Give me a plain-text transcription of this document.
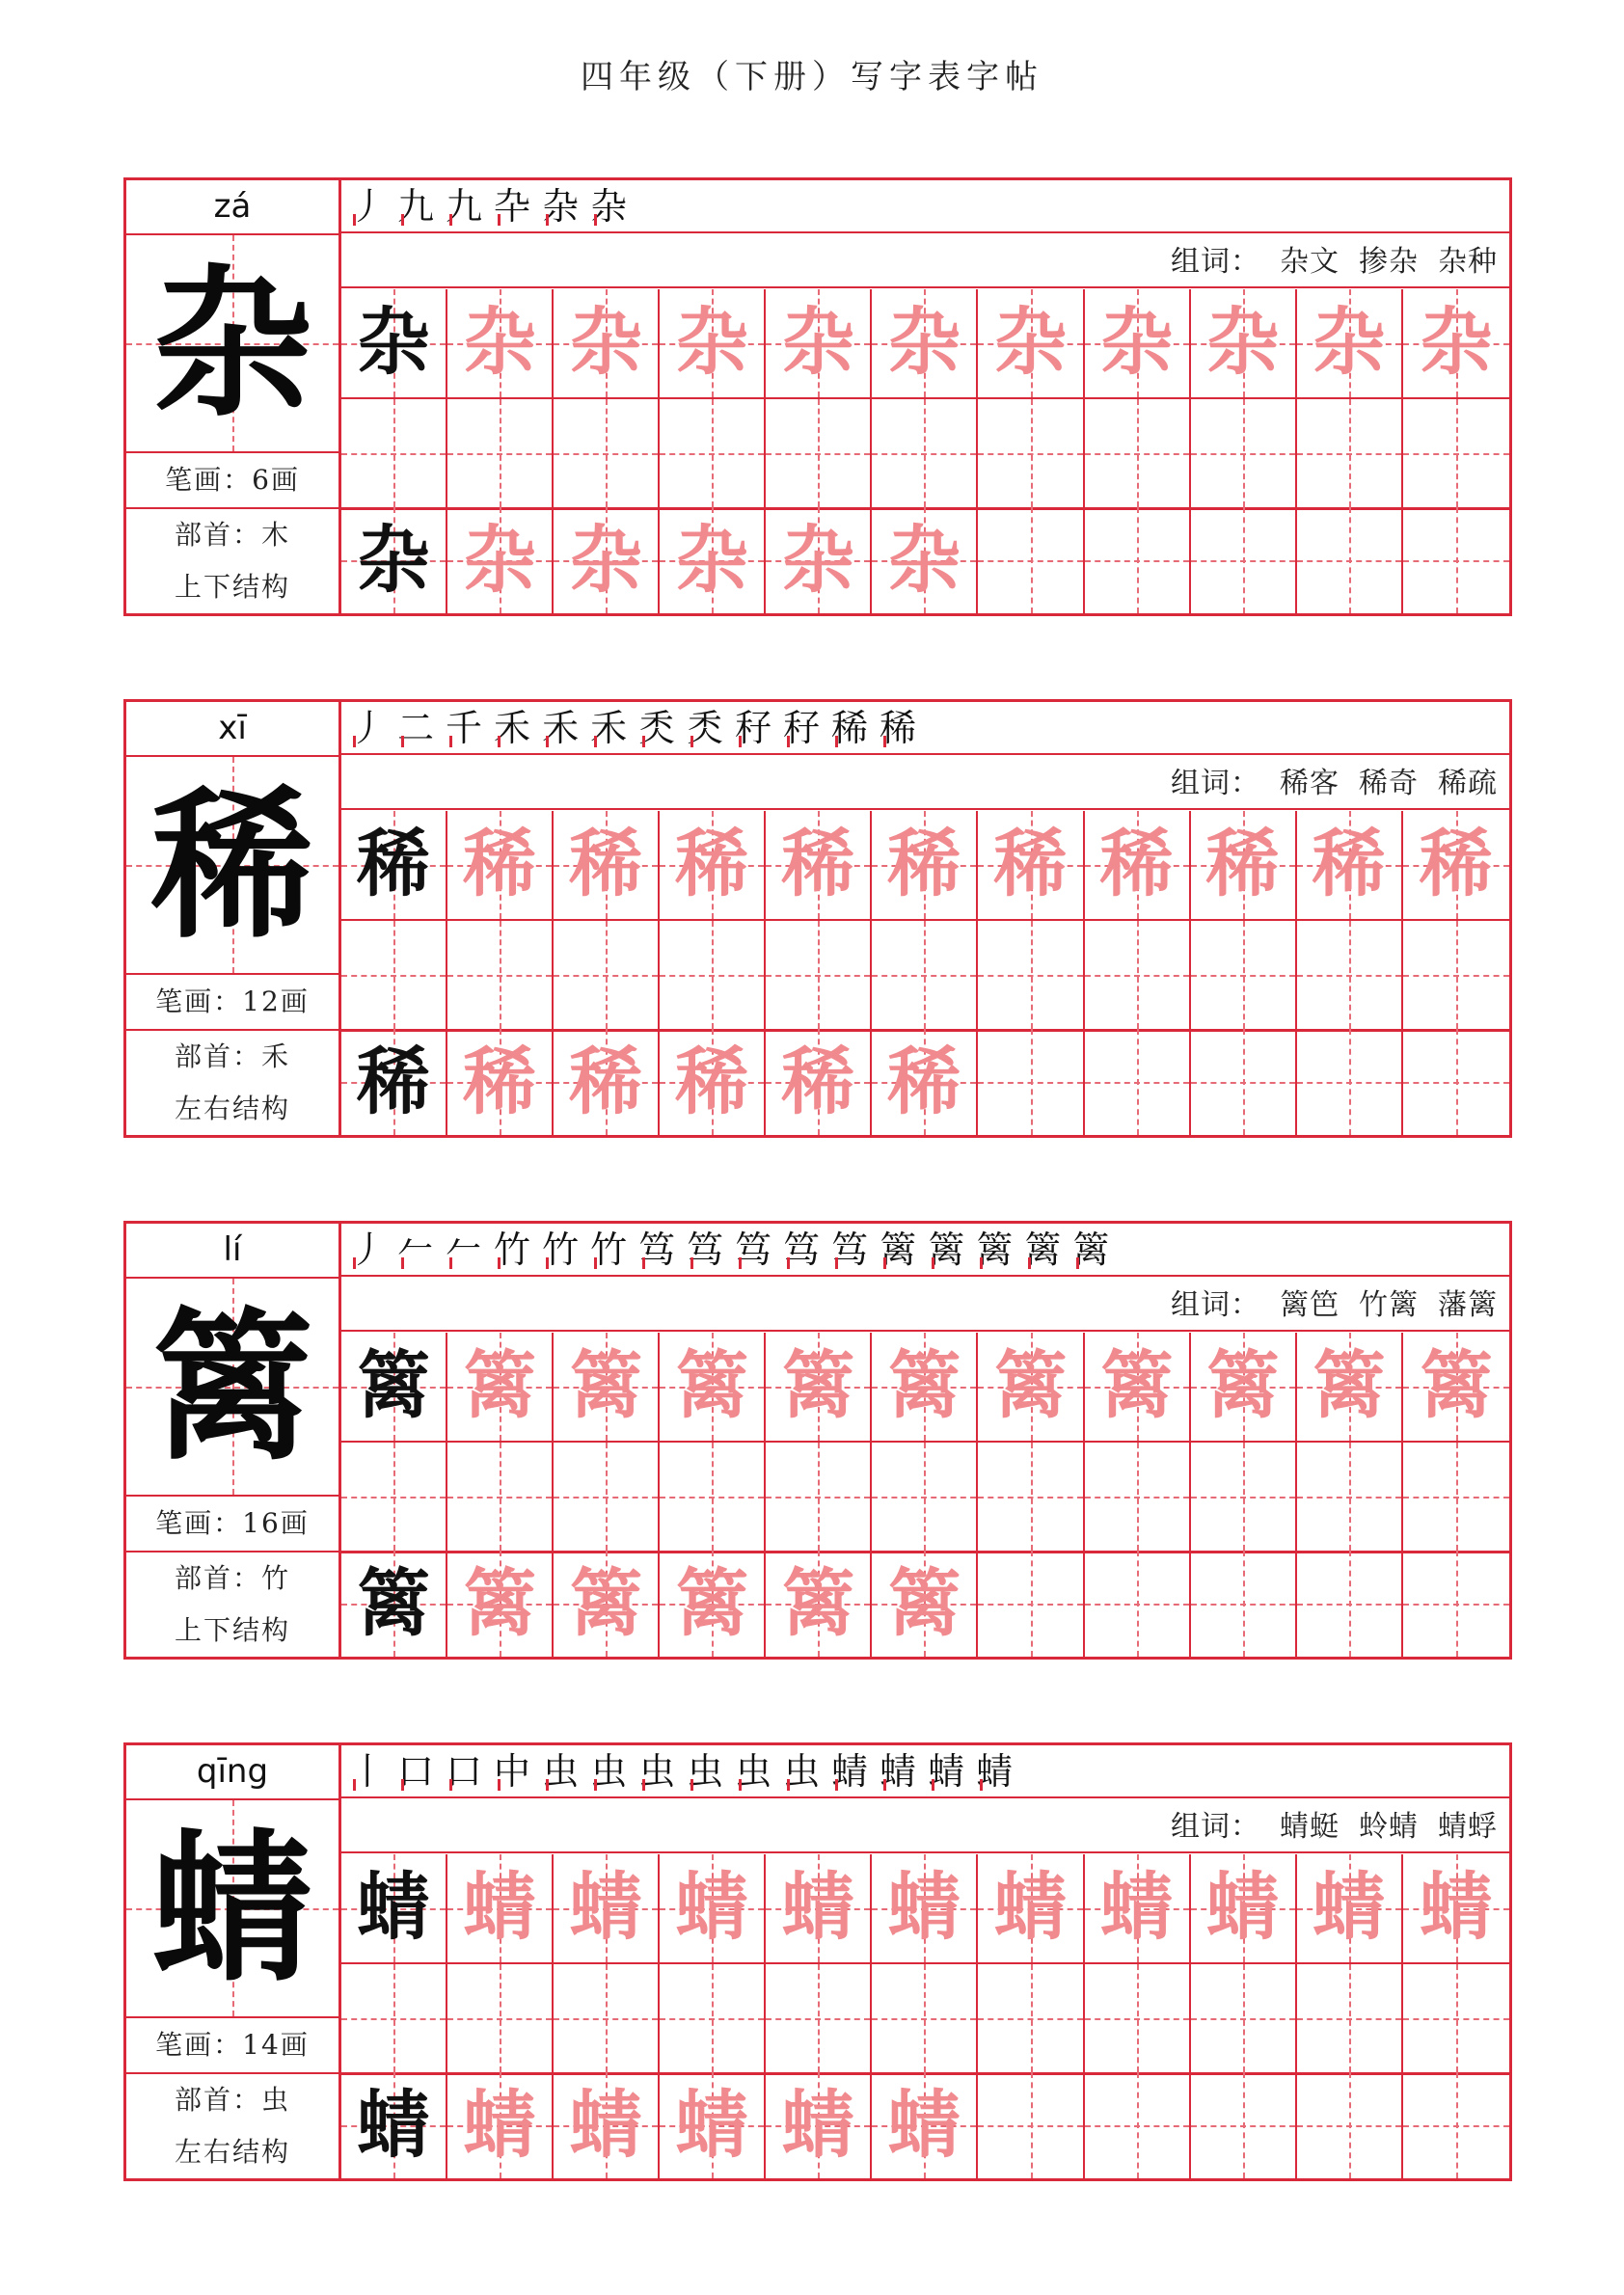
四年级（下册）写字表字帖
zá
杂
笔画：6画
部首：木
上下结构
丿 九 九 卆 杂 杂
组词： 杂文 掺杂 杂种
杂 杂 杂 杂 杂 杂 杂 杂 杂 杂 杂
杂 杂 杂 杂 杂 杂
xī
稀
笔画：12画
部首：禾
左右结构
丿 二 千 禾 禾 禾 秂 秂 秄 秄 稀 稀
组词： 稀客 稀奇 稀疏
稀 稀 稀 稀 稀 稀 稀 稀 稀 稀 稀
稀 稀 稀 稀 稀 稀
lí
篱
笔画：16画
部首：竹
上下结构
丿 𠂉 𠂉 竹 竹 竹 笃 笃 笃 笃 笃 篱 篱 篱 篱 篱
组词： 篱笆 竹篱 藩篱
篱 篱 篱 篱 篱 篱 篱 篱 篱 篱 篱
篱 篱 篱 篱 篱 篱
qīng
蜻
笔画：14画
部首：虫
左右结构
丨 口 口 中 虫 虫 虫 虫 虫 虫 蜻 蜻 蜻 蜻
组词： 蜻蜓 蛉蜻 蜻蜉
蜻 蜻 蜻 蜻 蜻 蜻 蜻 蜻 蜻 蜻 蜻
蜻 蜻 蜻 蜻 蜻 蜻
